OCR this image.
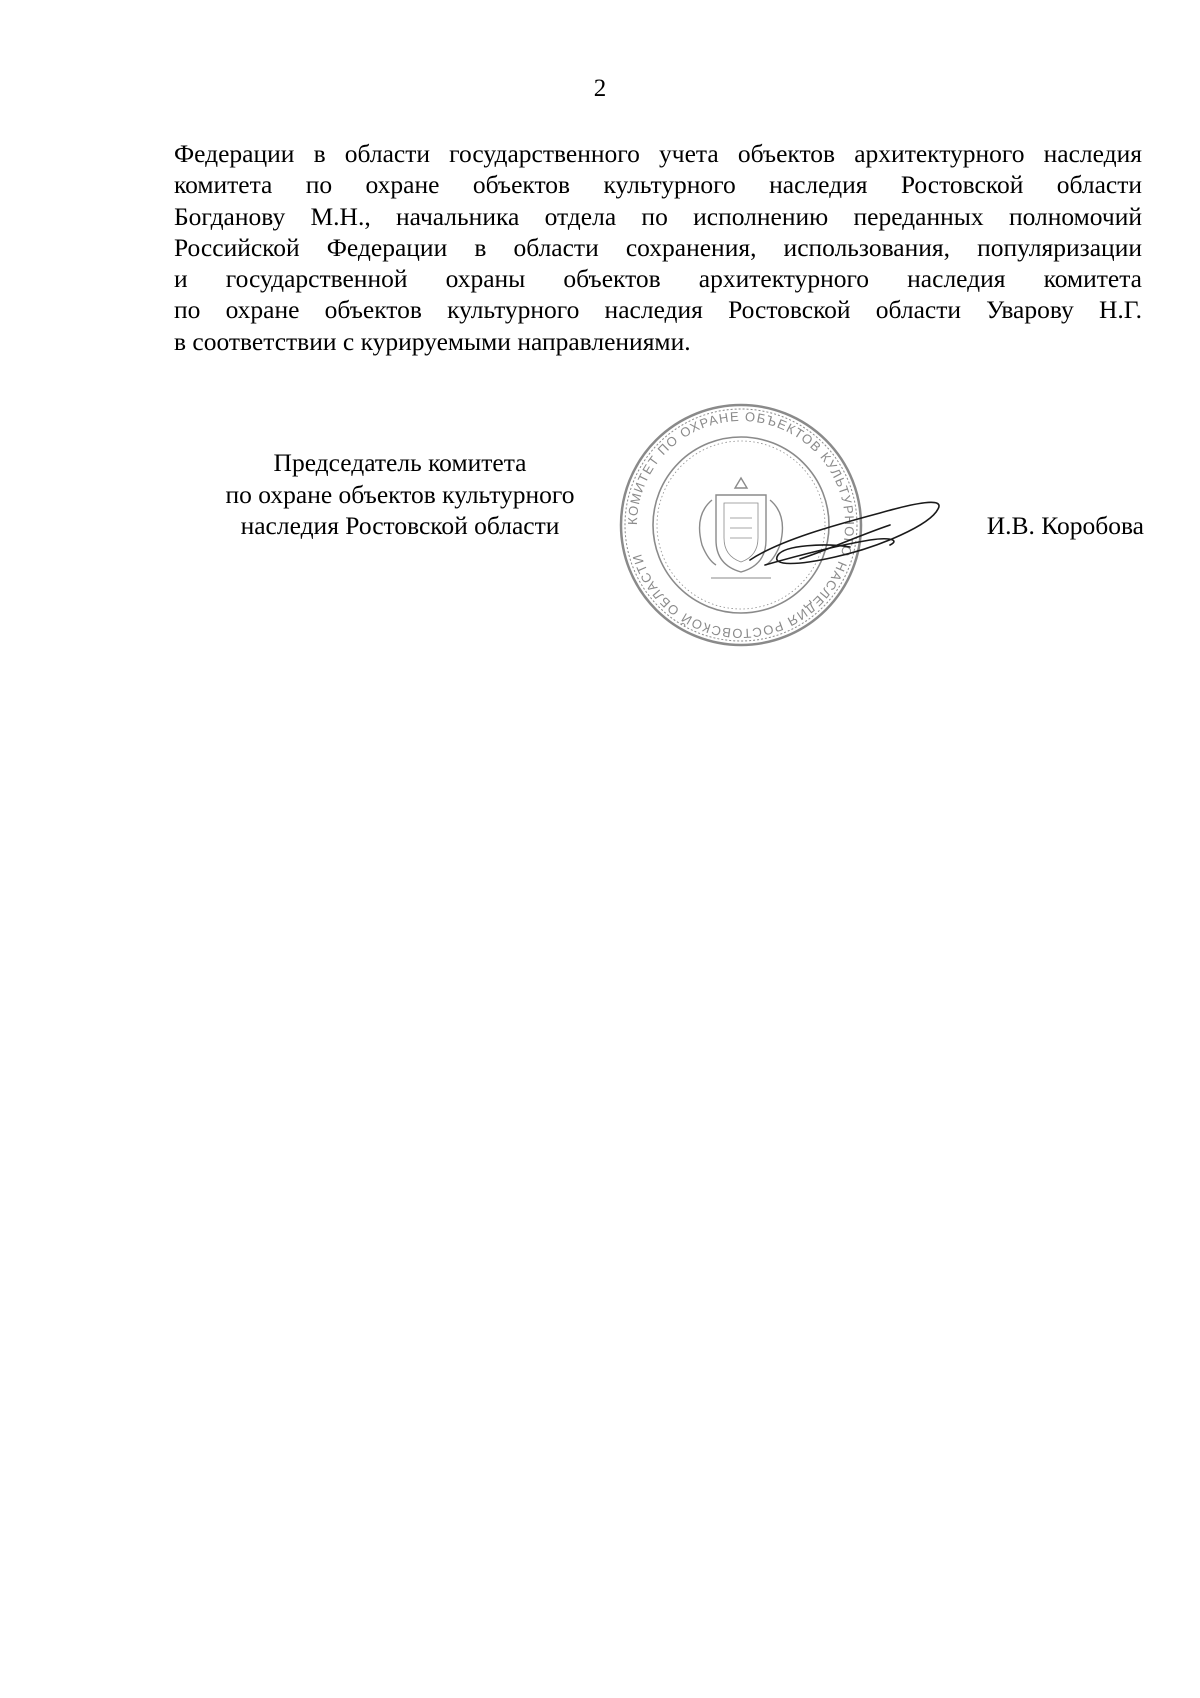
2

Федерации в области государственного учета объектов архитектурного наследия
комитета по охране объектов культурного наследия Ростовской области
Богданову М.Н., начальника отдела по исполнению переданных полномочий
Российской Федерации в области сохранения, использования, популяризации
и государственной охраны объектов архитектурного наследия комитета
по охране объектов культурного наследия Ростовской области Уварову Н.Г.
в соответствии с курируемыми направлениями.

Председатель комитета
по охране объектов культурного
наследия Ростовской области	КОМИТЕТ ПО ОХРАНЕ ОБЪЕКТОВ КУЛЬТУРНОГО НАСЛЕДИЯ РОСТОВСКОЙ ОБЛАСТИ
И.В. Коробова
